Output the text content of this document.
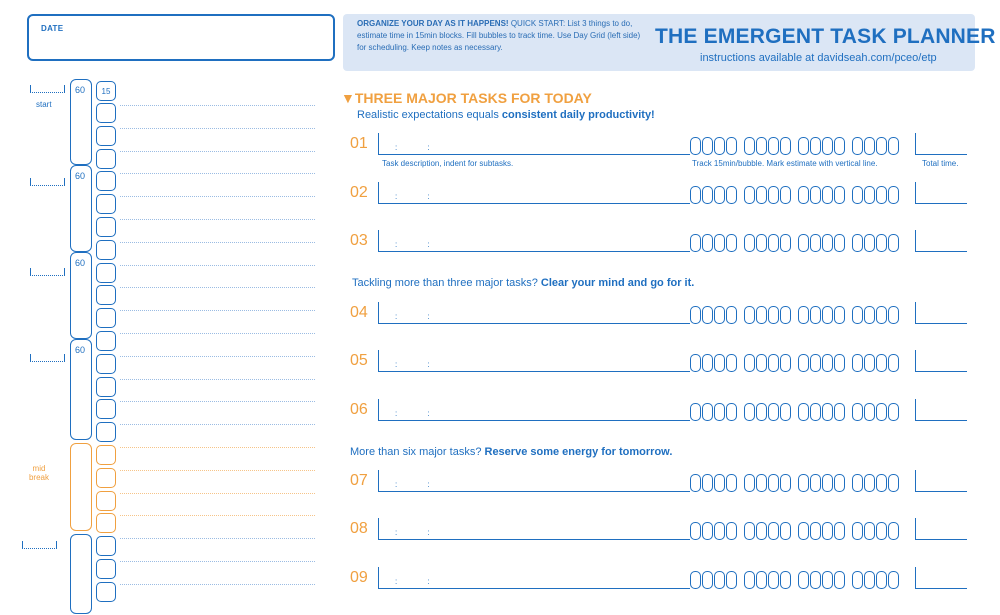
DATE
ORGANIZE YOUR DAY AS IT HAPPENS! QUICK START: List 3 things to do, estimate time in 15min blocks. Fill bubbles to track time. Use Day Grid (left side) for scheduling. Keep notes as necessary.	THE EMERGENT TASK PLANNER
instructions available at davidseah.com/pceo/etp
60
60
60
60
15
start
mid
break
▼THREE MAJOR TASKS FOR TODAY
Realistic expectations equals consistent daily productivity!
Tackling more than three major tasks? Clear your mind and go for it.
More than six major tasks? Reserve some energy for tomorrow.
01	: :
Task description, indent for subtasks.	Track 15min/bubble. Mark estimate with vertical line.	Total time.
02	: :
03	: :
04	: :
05	: :
06	: :
07	: :
08	: :
09	: :
